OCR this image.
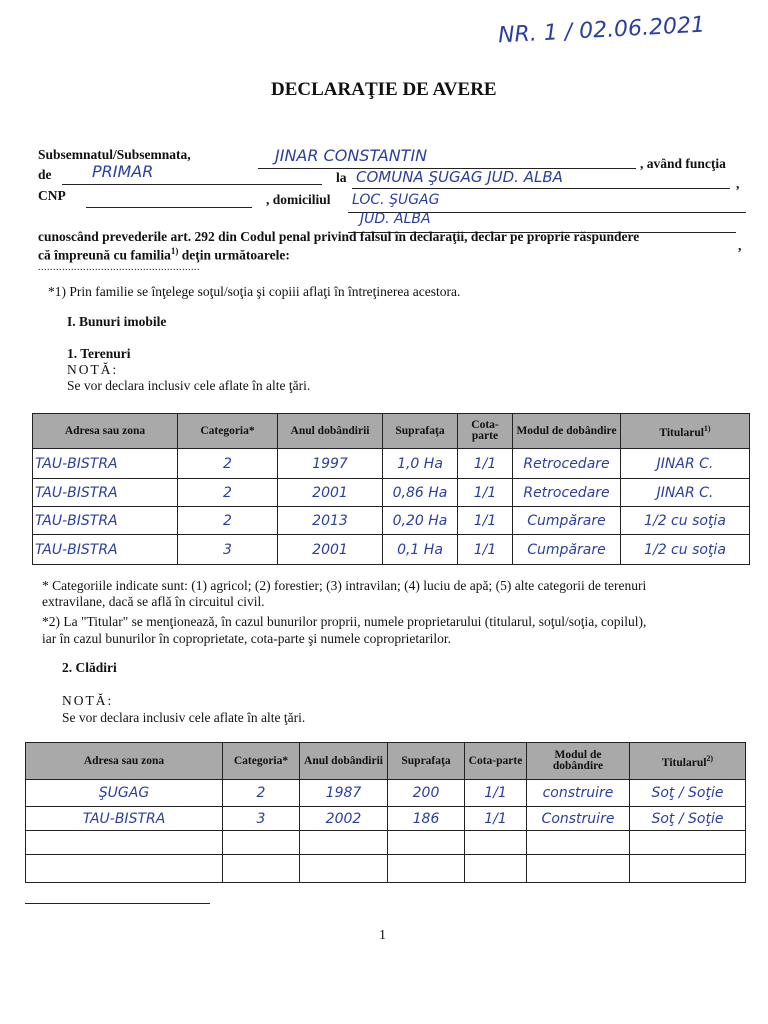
NR. 1 / 02.06.2021
DECLARAŢIE DE AVERE
Subsemnatul/Subsemnata,	JINAR CONSTANTIN	, având funcţia
de	PRIMAR	la COMUNA ŞUGAG JUD. ALBA	,
CNP	, domiciliul LOC. ŞUGAG
JUD. ALBA
,
cunoscând prevederile art. 292 din Codul penal privind falsul în declaraţii, declar pe proprie răspundere
că împreună cu familia$^{1)}$ deţin următoarele:
......................................................
*1) Prin familie se înţelege soţul/soţia şi copiii aflaţi în întreţinerea acestora.
I. Bunuri imobile
1. Terenuri
NOTĂ:
Se vor declara inclusiv cele aflate în alte ţări.
Adresa sau zona	Categoria*	Anul dobândirii	Suprafaţa	Cota-parte	Modul de dobândire	Titularul$^{1)}$
TAU-BISTRA	2	1997	1,0 Ha	1/1	Retrocedare	JINAR C.
TAU-BISTRA	2	2001	0,86 Ha	1/1	Retrocedare	JINAR C.
TAU-BISTRA	2	2013	0,20 Ha	1/1	Cumpărare	1/2 cu soţia
TAU-BISTRA	3	2001	0,1 Ha	1/1	Cumpărare	1/2 cu soţia
* Categoriile indicate sunt: (1) agricol; (2) forestier; (3) intravilan; (4) luciu de apă; (5) alte categorii de terenuri
extravilane, dacă se află în circuitul civil.
*2) La "Titular" se menţionează, în cazul bunurilor proprii, numele proprietarului (titularul, soţul/soţia, copilul),
iar în cazul bunurilor în coproprietate, cota-parte şi numele coproprietarilor.
2. Clădiri
NOTĂ:
Se vor declara inclusiv cele aflate în alte ţări.
Adresa sau zona	Categoria*	Anul dobândirii	Suprafaţa	Cota-parte	Modul de dobândire	Titularul$^{2)}$
ŞUGAG	2	1987	200	1/1	construire	Soţ / Soţie
TAU-BISTRA	3	2002	186	1/1	Construire	Soţ / Soţie

1
